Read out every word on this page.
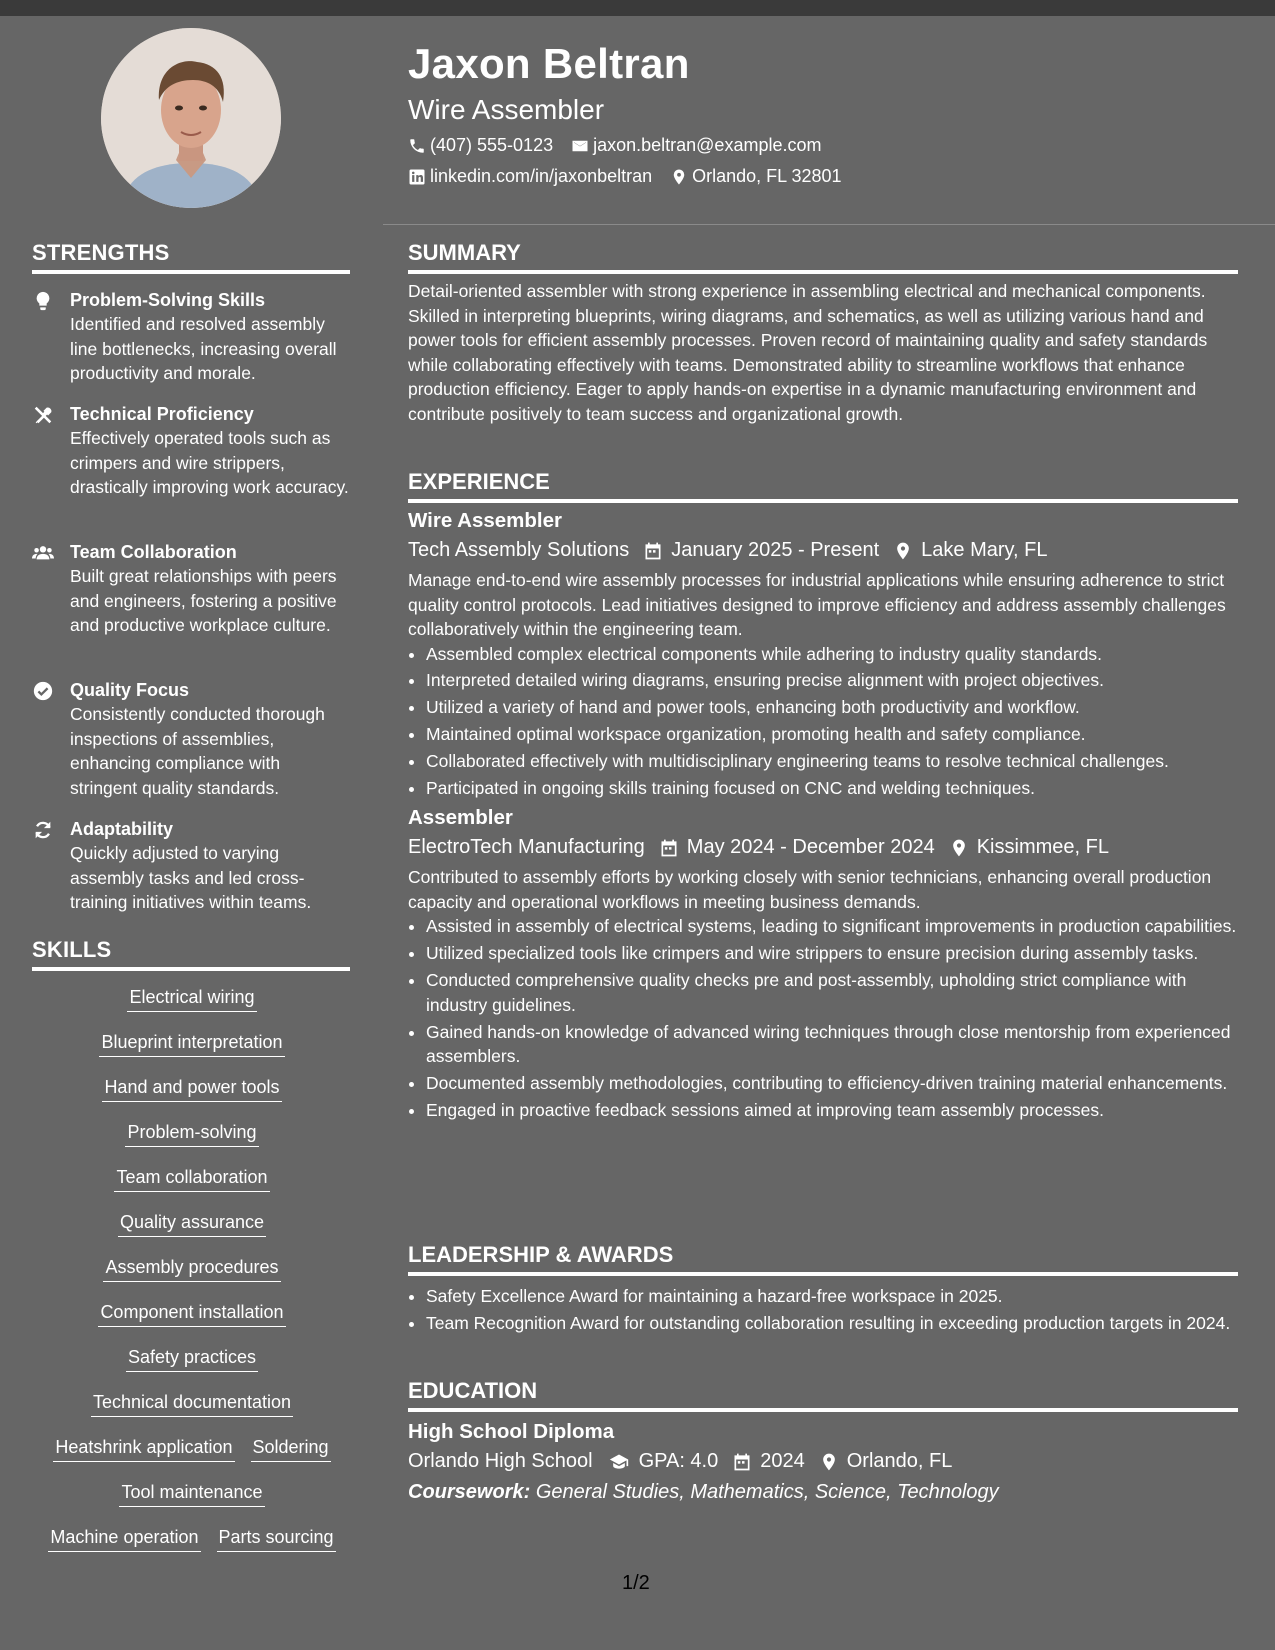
STRENGTHS
Problem-Solving Skills
Identified and resolved assembly line bottlenecks, increasing overall productivity and morale.
Technical Proficiency
Effectively operated tools such as crimpers and wire strippers, drastically improving work accuracy.
Team Collaboration
Built great relationships with peers and engineers, fostering a positive and productive workplace culture.
Quality Focus
Consistently conducted thorough inspections of assemblies, enhancing compliance with stringent quality standards.
Adaptability
Quickly adjusted to varying assembly tasks and led cross-training initiatives within teams.
SKILLS
Electrical wiring
Blueprint interpretation
Hand and power tools
Problem-solving
Team collaboration
Quality assurance
Assembly procedures
Component installation
Safety practices
Technical documentation
Heatshrink application Soldering
Tool maintenance
Machine operation Parts sourcing
Jaxon Beltran
Wire Assembler
(407) 555-0123 jaxon.beltran@example.com
linkedin.com/in/jaxonbeltran Orlando, FL 32801
SUMMARY
Detail-oriented assembler with strong experience in assembling electrical and mechanical components. Skilled in interpreting blueprints, wiring diagrams, and schematics, as well as utilizing various hand and power tools for efficient assembly processes. Proven record of maintaining quality and safety standards while collaborating effectively with teams. Demonstrated ability to streamline workflows that enhance production efficiency. Eager to apply hands-on expertise in a dynamic manufacturing environment and contribute positively to team success and organizational growth.
EXPERIENCE
Wire Assembler
Tech Assembly Solutions January 2025 - Present Lake Mary, FL
Manage end-to-end wire assembly processes for industrial applications while ensuring adherence to strict quality control protocols. Lead initiatives designed to improve efficiency and address assembly challenges collaboratively within the engineering team.
• Assembled complex electrical components while adhering to industry quality standards.
• Interpreted detailed wiring diagrams, ensuring precise alignment with project objectives.
• Utilized a variety of hand and power tools, enhancing both productivity and workflow.
• Maintained optimal workspace organization, promoting health and safety compliance.
• Collaborated effectively with multidisciplinary engineering teams to resolve technical challenges.
• Participated in ongoing skills training focused on CNC and welding techniques.
Assembler
ElectroTech Manufacturing May 2024 - December 2024 Kissimmee, FL
Contributed to assembly efforts by working closely with senior technicians, enhancing overall production capacity and operational workflows in meeting business demands.
• Assisted in assembly of electrical systems, leading to significant improvements in production capabilities.
• Utilized specialized tools like crimpers and wire strippers to ensure precision during assembly tasks.
• Conducted comprehensive quality checks pre and post-assembly, upholding strict compliance with industry guidelines.
• Gained hands-on knowledge of advanced wiring techniques through close mentorship from experienced assemblers.
• Documented assembly methodologies, contributing to efficiency-driven training material enhancements.
• Engaged in proactive feedback sessions aimed at improving team assembly processes.
LEADERSHIP & AWARDS
• Safety Excellence Award for maintaining a hazard-free workspace in 2025.
• Team Recognition Award for outstanding collaboration resulting in exceeding production targets in 2024.
EDUCATION
High School Diploma
Orlando High School GPA: 4.0 2024 Orlando, FL
Coursework: General Studies, Mathematics, Science, Technology
1/2
